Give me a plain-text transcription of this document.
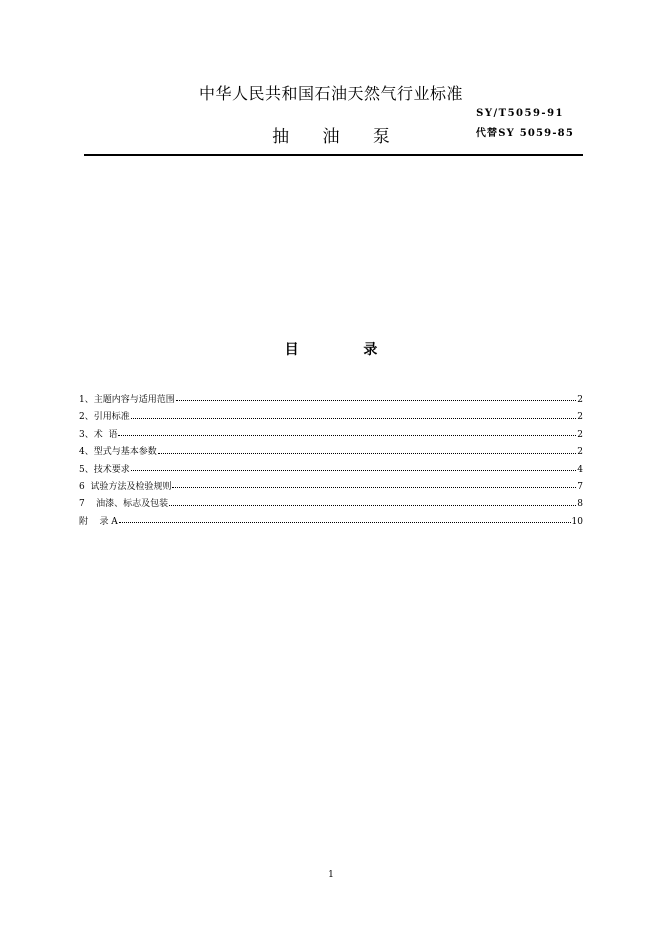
中华人民共和国石油天然气行业标准
SY/T5059-91
抽 油 泵	代替SY 5059-85
目 录
1、主题内容与适用范围	2
2、引用标准	2
3、术  语	2
4、型式与基本参数	2
5、技术要求	4
6  试验方法及检验规则	7
7    油漆、标志及包装	8
附    录 A	10
1
